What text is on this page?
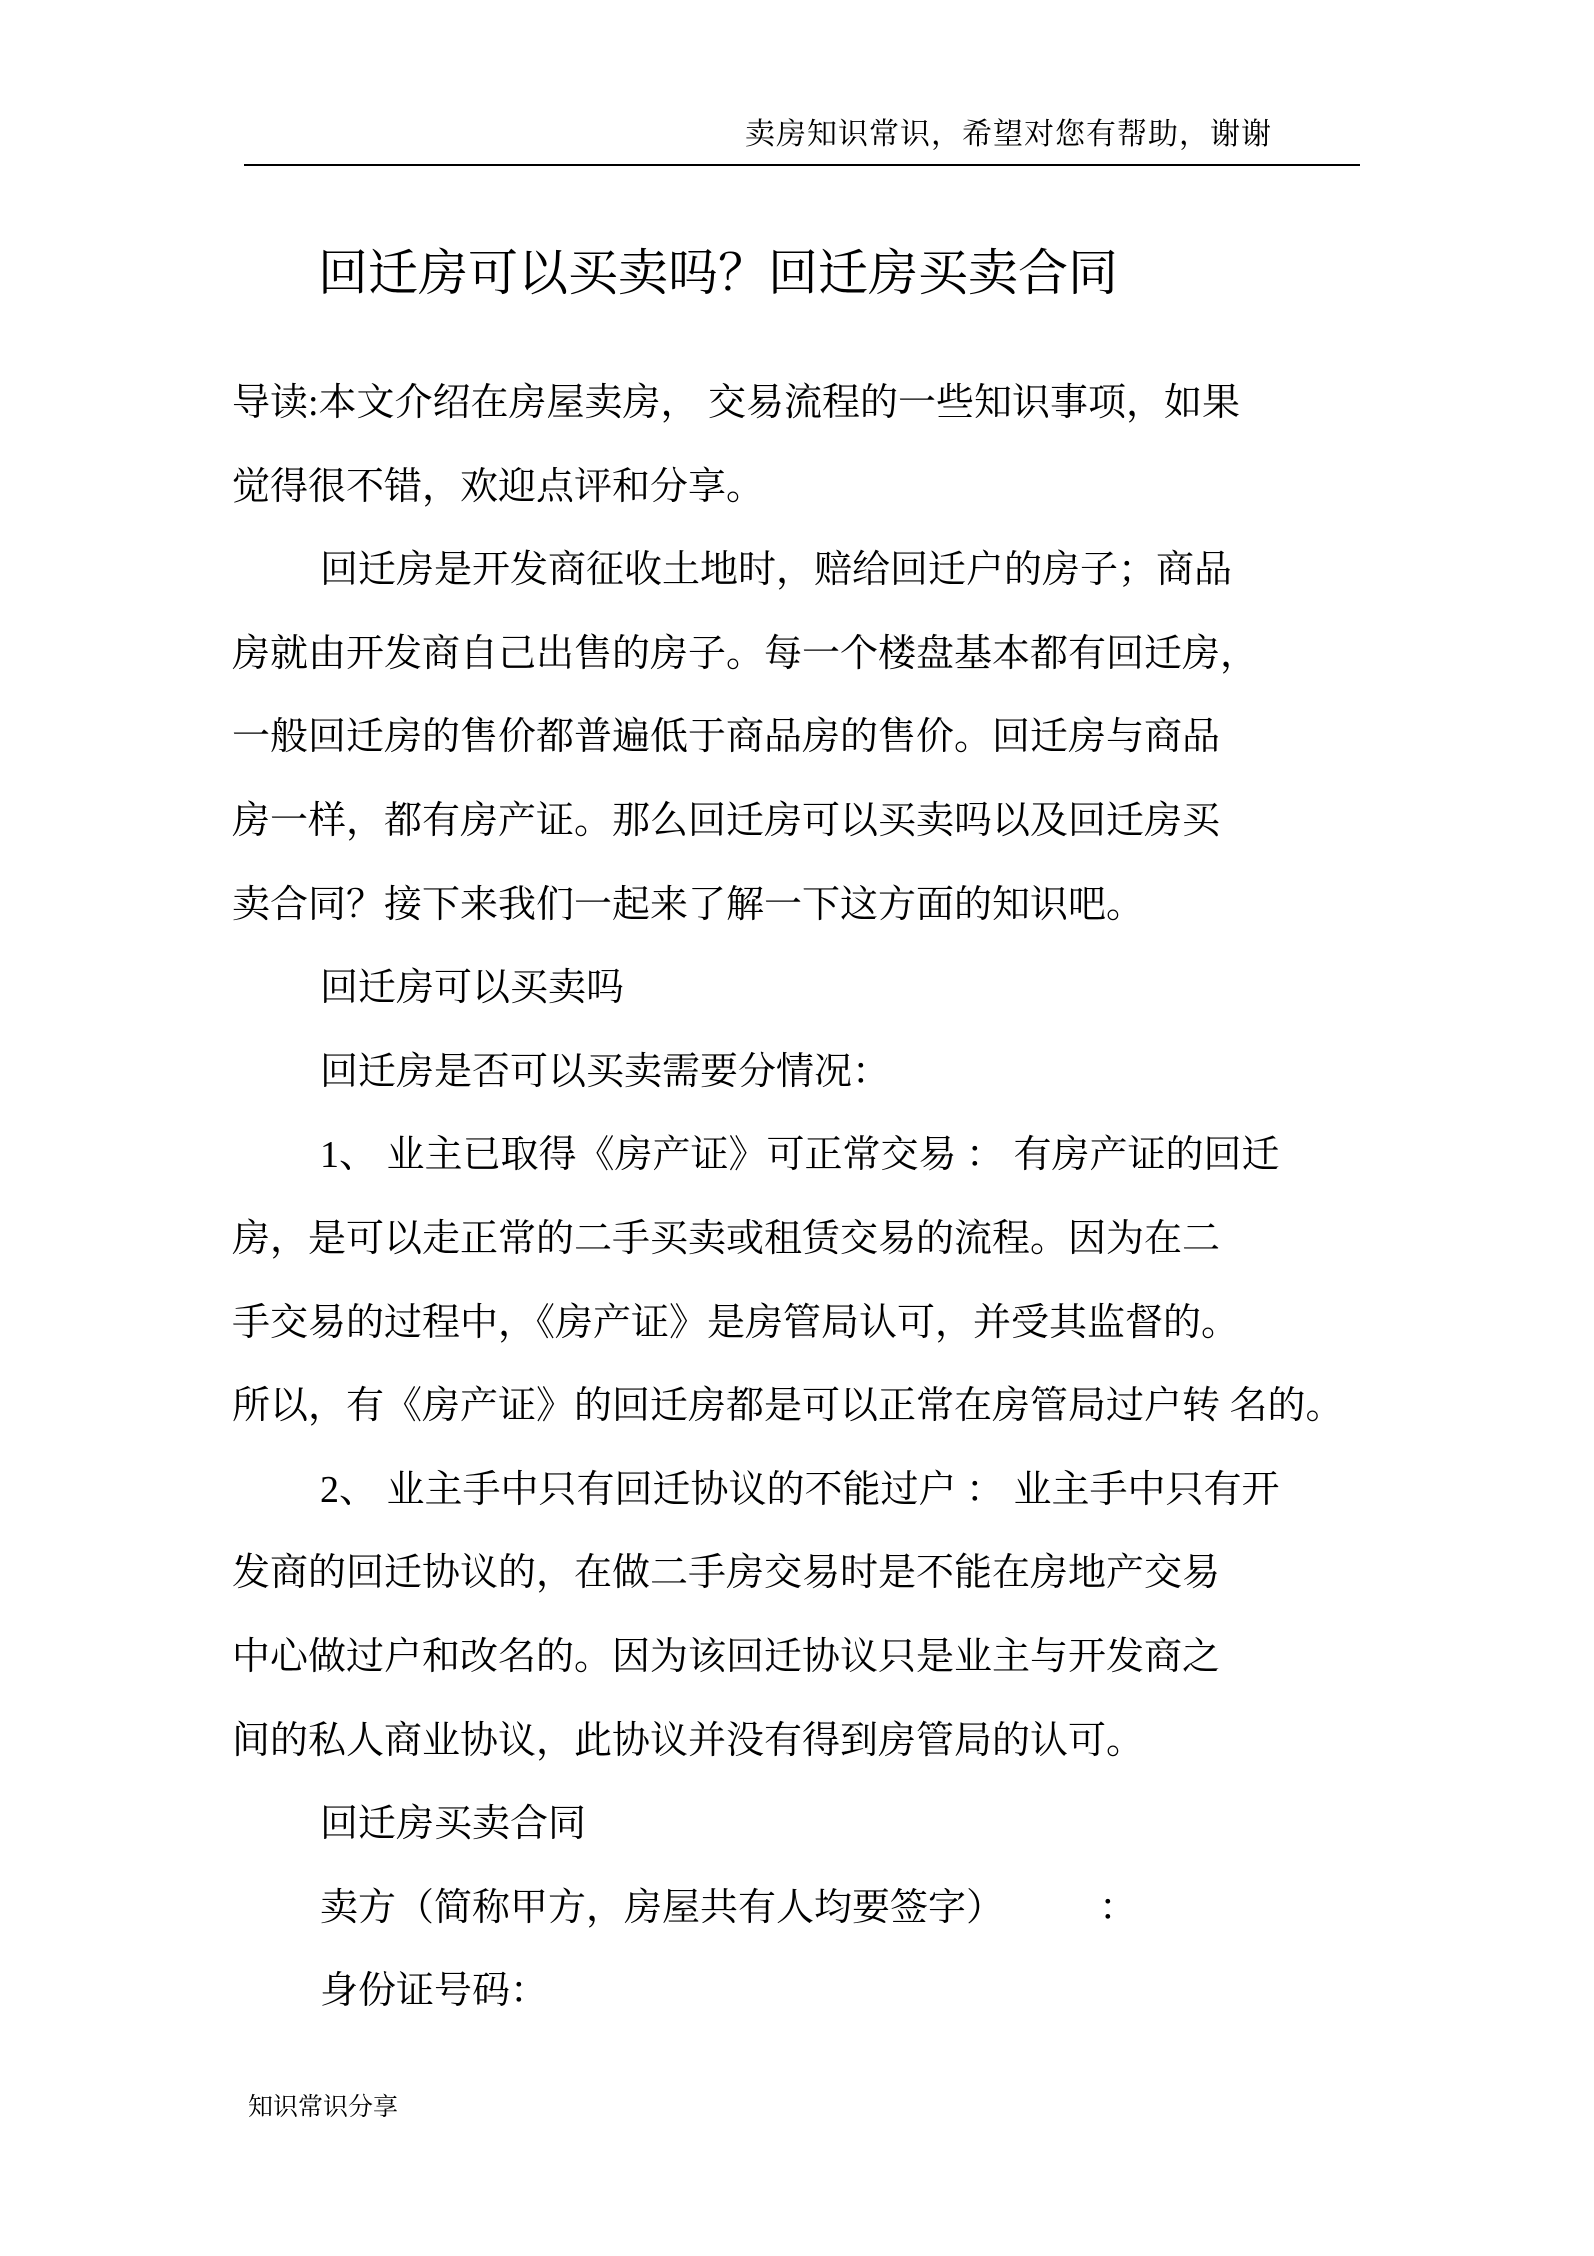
卖房知识常识，希望对您有帮助，谢谢
回迁房可以买卖吗？回迁房买卖合同
导读:本文介绍在房屋卖房， 交易流程的一些知识事项，如果
觉得很不错，欢迎点评和分享。
回迁房是开发商征收土地时，赔给回迁户的房子；商品
房就由开发商自己出售的房子。每一个楼盘基本都有回迁房，
一般回迁房的售价都普遍低于商品房的售价。回迁房与商品
房一样，都有房产证。那么回迁房可以买卖吗以及回迁房买
卖合同？接下来我们一起来了解一下这方面的知识吧。
回迁房可以买卖吗
回迁房是否可以买卖需要分情况：
1、 业主已取得《房产证》可正常交易 ： 有房产证的回迁
房，是可以走正常的二手买卖或租赁交易的流程。因为在二
手交易的过程中，《房产证》是房管局认可，并受其监督的。
所以，有《房产证》的回迁房都是可以正常在房管局过户转 名的。
2、 业主手中只有回迁协议的不能过户 ： 业主手中只有开
发商的回迁协议的，在做二手房交易时是不能在房地产交易
中心做过户和改名的。因为该回迁协议只是业主与开发商之
间的私人商业协议，此协议并没有得到房管局的认可。
回迁房买卖合同
卖方（简称甲方，房屋共有人均要签字）　　　：
身份证号码：
知识常识分享
